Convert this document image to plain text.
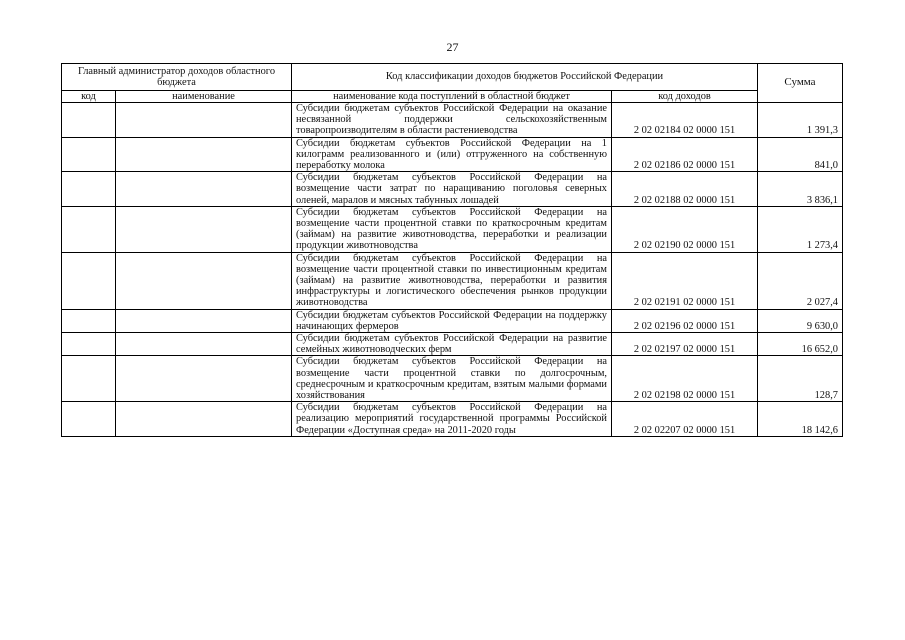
27
Главный администратор доходов областного бюджета		Код классификации доходов бюджетов Российской Федерации		Сумма
код	наименование	наименование кода поступлений в областной бюджет	код доходов	
		Субсидии бюджетам субъектов Российской Федерации на оказание несвязанной поддержки сельскохозяйственным товаропроизводителям в области растениеводства	2 02 02184 02 0000 151	1 391,3
		Субсидии бюджетам субъектов Российской Федерации на 1 килограмм реализованного и (или) отгруженного на собственную переработку молока	2 02 02186 02 0000 151	841,0
		Субсидии бюджетам субъектов Российской Федерации на возмещение части затрат по наращиванию поголовья северных оленей, маралов и мясных табунных лошадей	2 02 02188 02 0000 151	3 836,1
		Субсидии бюджетам субъектов Российской Федерации на возмещение части процентной ставки по краткосрочным кредитам (займам) на развитие животноводства, переработки и реализации продукции животноводства	2 02 02190 02 0000 151	1 273,4
		Субсидии бюджетам субъектов Российской Федерации на возмещение части процентной ставки по инвестиционным кредитам (займам) на развитие животноводства, переработки и развития инфраструктуры и логистического обеспечения рынков продукции животноводства	2 02 02191 02 0000 151	2 027,4
		Субсидии бюджетам субъектов Российской Федерации на поддержку начинающих фермеров	2 02 02196 02 0000 151	9 630,0
		Субсидии бюджетам субъектов Российской Федерации на развитие семейных животноводческих ферм	2 02 02197 02 0000 151	16 652,0
		Субсидии бюджетам субъектов Российской Федерации на возмещение части процентной ставки по долгосрочным, среднесрочным и краткосрочным кредитам, взятым малыми формами хозяйствования	2 02 02198 02 0000 151	128,7
		Субсидии бюджетам субъектов Российской Федерации на реализацию мероприятий государственной программы Российской Федерации «Доступная среда» на 2011-2020 годы	2 02 02207 02 0000 151	18 142,6
